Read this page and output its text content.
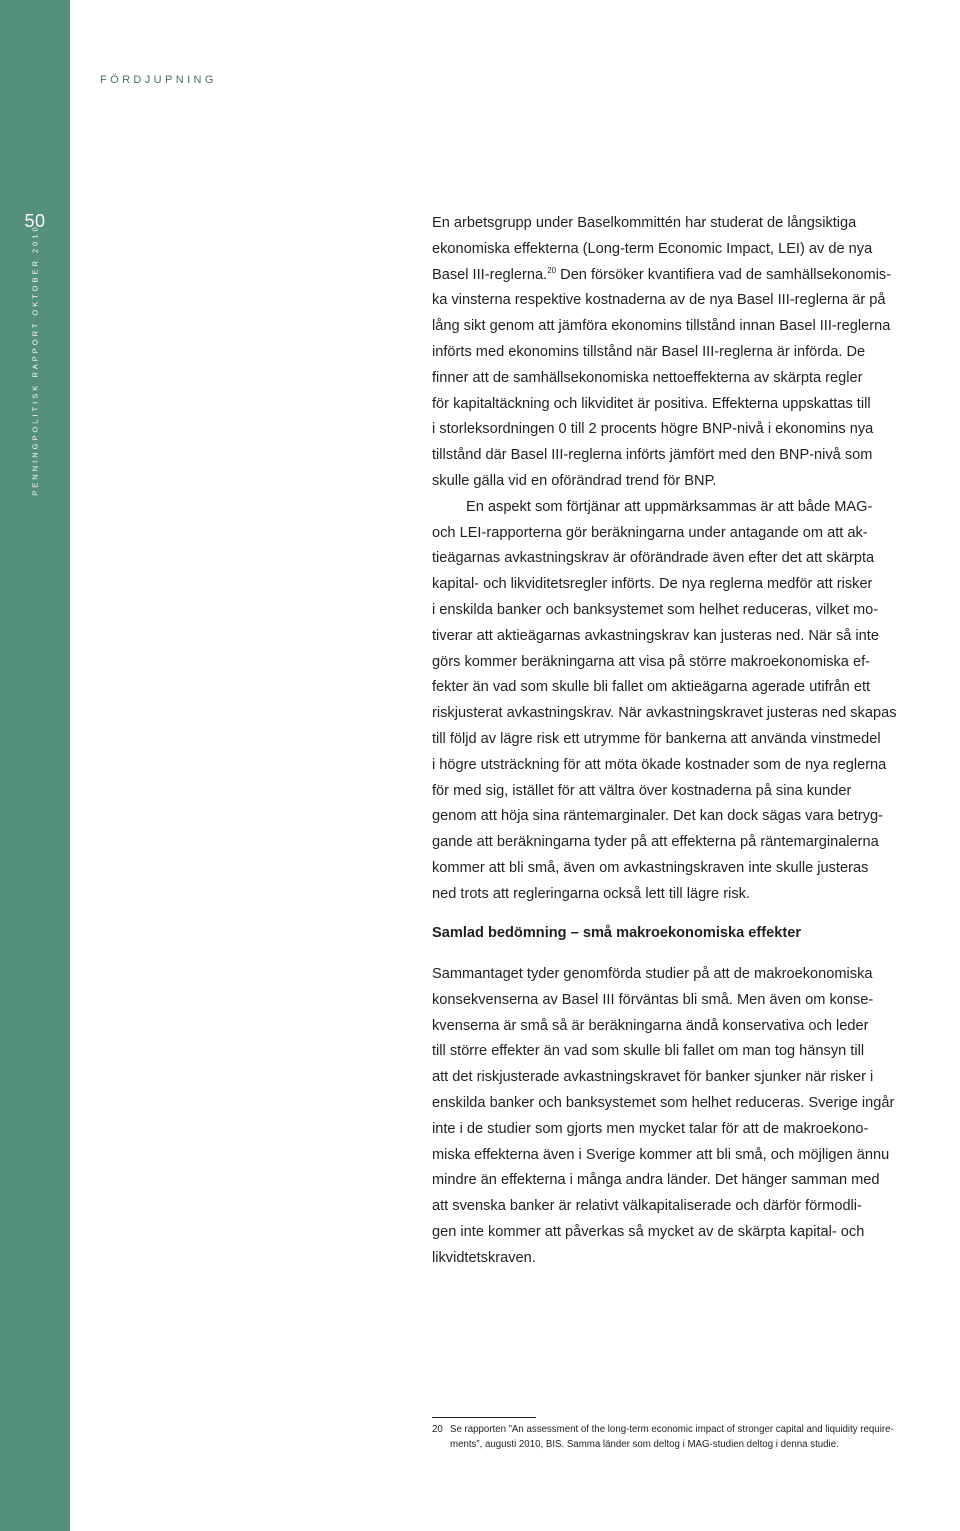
50
PENNINGPOLITISK RAPPORT OKTOBER 2010
FÖRDJUPNING

En arbetsgrupp under Baselkommittén har studerat de långsiktiga
ekonomiska effekterna (Long-term Economic Impact, LEI) av de nya
Basel III-reglerna.$^{20}$ Den försöker kvantifiera vad de samhällsekonomis-
ka vinsterna respektive kostnaderna av de nya Basel III-reglerna är på
lång sikt genom att jämföra ekonomins tillstånd innan Basel III-reglerna
införts med ekonomins tillstånd när Basel III-reglerna är införda. De
finner att de samhällsekonomiska nettoeffekterna av skärpta regler
för kapitaltäckning och likviditet är positiva. Effekterna uppskattas till
i storleksordningen 0 till 2 procents högre BNP-nivå i ekonomins nya
tillstånd där Basel III-reglerna införts jämfört med den BNP-nivå som
skulle gälla vid en oförändrad trend för BNP.

En aspekt som förtjänar att uppmärksammas är att både MAG-
och LEI-rapporterna gör beräkningarna under antagande om att ak-
tieägarnas avkastningskrav är oförändrade även efter det att skärpta
kapital- och likviditetsregler införts. De nya reglerna medför att risker
i enskilda banker och banksystemet som helhet reduceras, vilket mo-
tiverar att aktieägarnas avkastningskrav kan justeras ned. När så inte
görs kommer beräkningarna att visa på större makroekonomiska ef-
fekter än vad som skulle bli fallet om aktieägarna agerade utifrån ett
riskjusterat avkastningskrav. När avkastningskravet justeras ned skapas
till följd av lägre risk ett utrymme för bankerna att använda vinstmedel
i högre utsträckning för att möta ökade kostnader som de nya reglerna
för med sig, istället för att vältra över kostnaderna på sina kunder
genom att höja sina räntemarginaler. Det kan dock sägas vara betryg-
gande att beräkningarna tyder på att effekterna på räntemarginalerna
kommer att bli små, även om avkastningskraven inte skulle justeras
ned trots att regleringarna också lett till lägre risk.

Samlad bedömning – små makroekonomiska effekter
Sammantaget tyder genomförda studier på att de makroekonomiska
konsekvenserna av Basel III förväntas bli små. Men även om konse-
kvenserna är små så är beräkningarna ändå konservativa och leder
till större effekter än vad som skulle bli fallet om man tog hänsyn till
att det riskjusterade avkastningskravet för banker sjunker när risker i
enskilda banker och banksystemet som helhet reduceras. Sverige ingår
inte i de studier som gjorts men mycket talar för att de makroekono-
miska effekterna även i Sverige kommer att bli små, och möjligen ännu
mindre än effekterna i många andra länder. Det hänger samman med
att svenska banker är relativt välkapitaliserade och därför förmodli-
gen inte kommer att påverkas så mycket av de skärpta kapital- och
likvidtetskraven.
20 Se rapporten ”An assessment of the long-term economic impact of stronger capital and liquidity require-
ments”, augusti 2010, BIS. Samma länder som deltog i MAG-studien deltog i denna studie.
